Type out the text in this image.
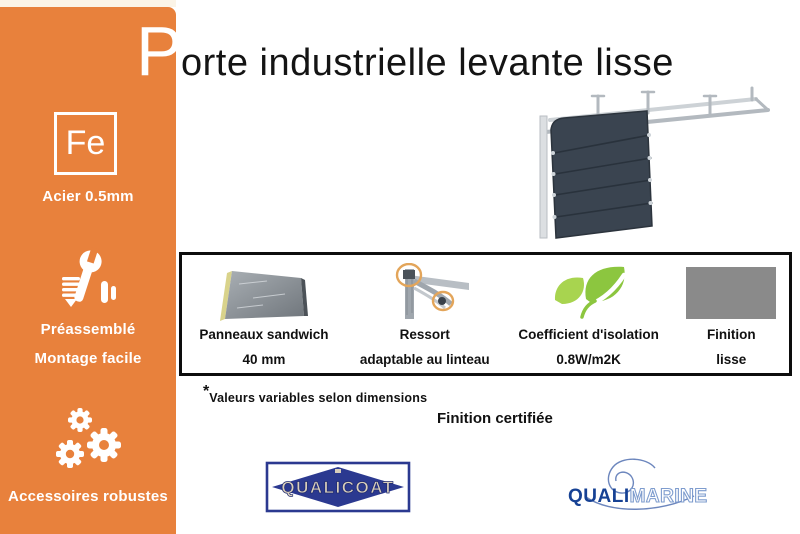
Fe
Acier 0.5mm
Préassemblé
Montage facile
Accessoires robustes
P
orte industrielle levante lisse
Panneaux sandwich
40 mm
Ressort
adaptable au linteau
Coefficient d'isolation
0.8W/m2K
Finition
lisse
*Valeurs variables selon dimensions
Finition certifiée
QUALICOAT	QUALIMARINE
